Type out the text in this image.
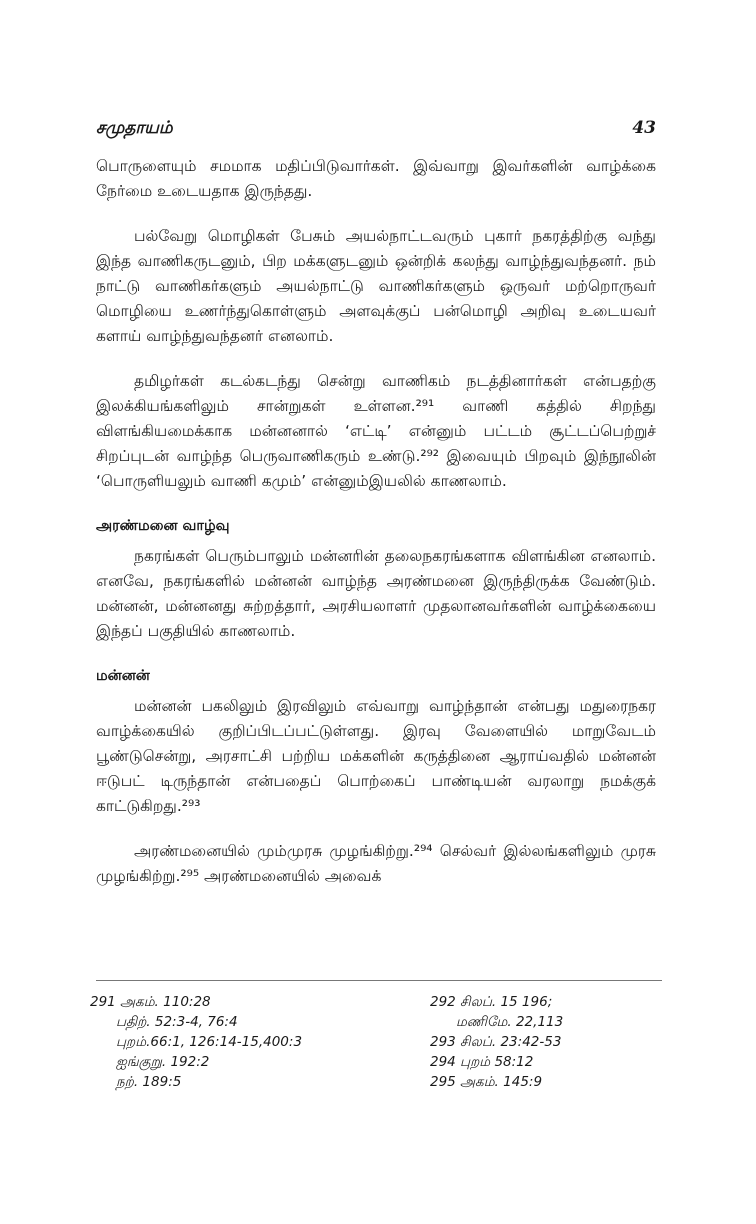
சமுதாயம்	43

பொருளையும் சமமாக மதிப்பிடுவார்கள். இவ்வாறு இவர்களின் வாழ்க்கை நேர்மை உடையதாக இருந்தது.

பல்வேறு மொழிகள் பேசும் அயல்நாட்டவரும் புகார் நகரத்திற்கு வந்து இந்த வாணிகருடனும், பிற மக்களுடனும் ஒன்றிக் கலந்து வாழ்ந்துவந்தனர். நம் நாட்டு வாணிகர்களும் அயல்நாட்டு வாணிகர்களும் ஒருவர் மற்றொருவர் மொழியை உணர்ந்துகொள்ளும் அளவுக்குப் பன்மொழி அறிவு உடையவர் களாய் வாழ்ந்துவந்தனர் எனலாம்.

தமிழர்கள் கடல்கடந்து சென்று வாணிகம் நடத்தினார்கள் என்பதற்கு இலக்கியங்களிலும் சான்றுகள் உள்ளன.²⁹¹ வாணி கத்தில் சிறந்து விளங்கியமைக்காக மன்னனால் ‘எட்டி’ என்னும் பட்டம் சூட்டப்பெற்றுச் சிறப்புடன் வாழ்ந்த பெருவாணிகரும் உண்டு.²⁹² இவையும் பிறவும் இந்நூலின் ‘பொருளியலும் வாணி கமும்’ என்னும்இயலில் காணலாம்.

அரண்மனை வாழ்வு

நகரங்கள் பெரும்பாலும் மன்னரின் தலைநகரங்களாக விளங்கின எனலாம். எனவே, நகரங்களில் மன்னன் வாழ்ந்த அரண்மனை இருந்திருக்க வேண்டும். மன்னன், மன்னனது சுற்றத்தார், அரசியலாளர் முதலானவர்களின் வாழ்க்கையை இந்தப் பகுதியில் காணலாம்.

மன்னன்

மன்னன் பகலிலும் இரவிலும் எவ்வாறு வாழ்ந்தான் என்பது மதுரைநகர வாழ்க்கையில் குறிப்பிடப்பட்டுள்ளது. இரவு வேளையில் மாறுவேடம் பூண்டுசென்று, அரசாட்சி பற்றிய மக்களின் கருத்தினை ஆராய்வதில் மன்னன் ஈடுபட் டிருந்தான் என்பதைப் பொற்கைப் பாண்டியன் வரலாறு நமக்குக் காட்டுகிறது.²⁹³

அரண்மனையில் மும்முரசு முழங்கிற்று.²⁹⁴ செல்வர் இல்லங்களிலும் முரசு முழங்கிற்று.²⁹⁵ அரண்மனையில் அவைக்

291 அகம். 110:28
பதிற். 52:3-4, 76:4
புறம்.66:1, 126:14-15,400:3
ஐங்குறு. 192:2
நற். 189:5
292 சிலப். 15 196;
மணிமே. 22,113
293 சிலப். 23:42-53
294 புறம் 58:12
295 அகம். 145:9
